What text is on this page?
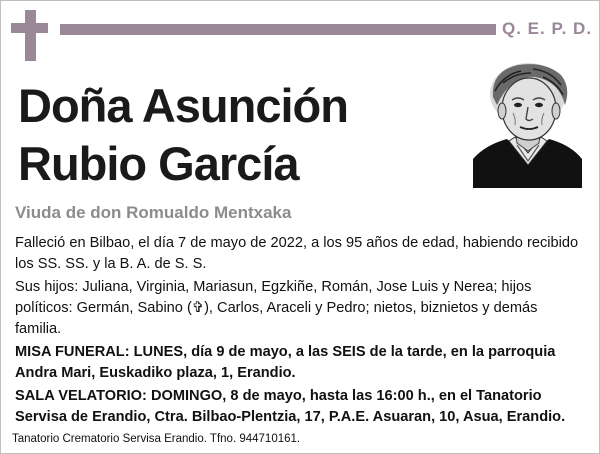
Q. E. P. D.
Doña Asunción
Rubio García
Viuda de don Romualdo Mentxaka
Falleció en Bilbao, el día 7 de mayo de 2022, a los 95 años de edad, habiendo recibido los SS. SS. y la B. A. de S. S.
Sus hijos: Juliana, Virginia, Mariasun, Egzkiñe, Román, Jose Luis y Nerea; hijos políticos: Germán, Sabino (✞), Carlos, Araceli y Pedro; nietos, biznietos y demás familia.
MISA FUNERAL: LUNES, día 9 de mayo, a las SEIS de la tarde, en la parroquia Andra Mari, Euskadiko plaza, 1, Erandio.
SALA VELATORIO: DOMINGO, 8 de mayo, hasta las 16:00 h., en el Tanatorio Servisa de Erandio, Ctra. Bilbao-Plentzia, 17, P.A.E. Asuaran, 10, Asua, Erandio.
Tanatorio Crematorio Servisa Erandio. Tfno. 944710161.
